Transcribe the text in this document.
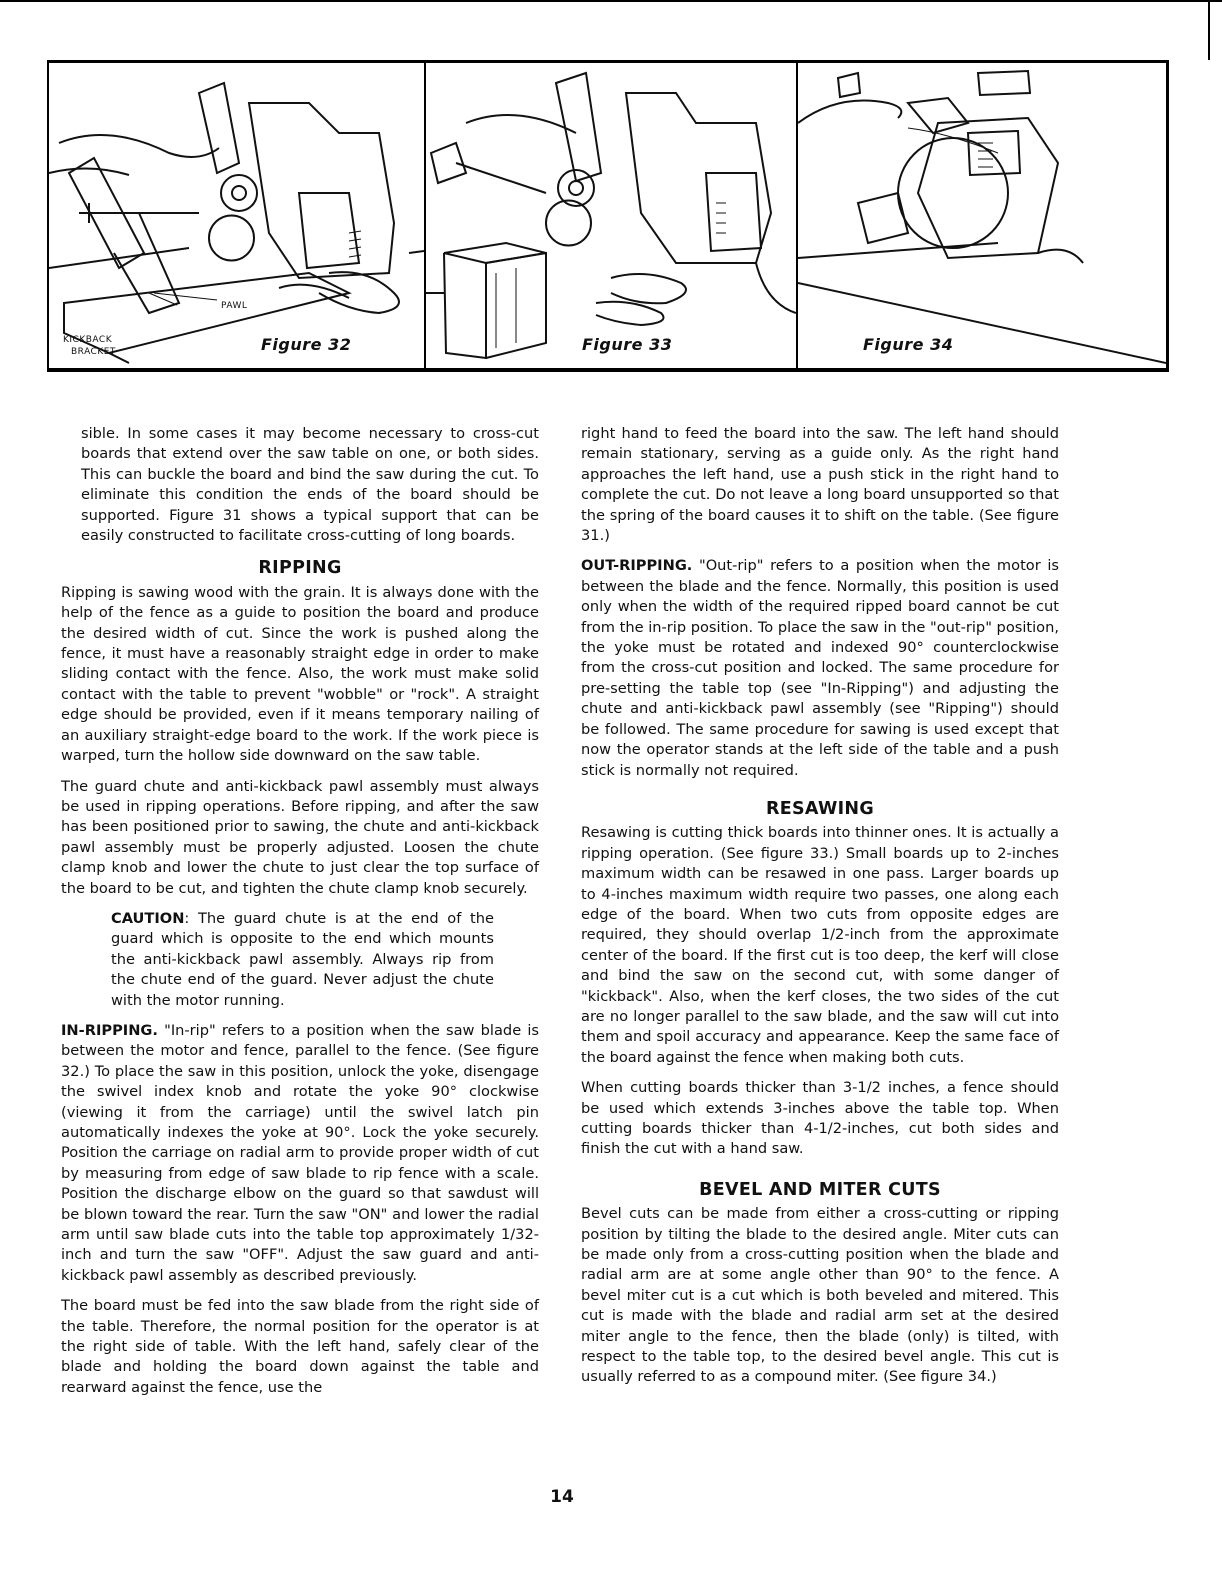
PAWL
KICKBACK
BRACKET	Figure 32	Figure 33	Figure 34

sible. In some cases it may become necessary to cross-cut boards that extend over the saw table on one, or both sides. This can buckle the board and bind the saw during the cut. To eliminate this condition the ends of the board should be supported. Figure 31 shows a typical support that can be easily constructed to facilitate cross-cutting of long boards.

RIPPING

Ripping is sawing wood with the grain. It is always done with the help of the fence as a guide to position the board and produce the desired width of cut. Since the work is pushed along the fence, it must have a reasonably straight edge in order to make sliding contact with the fence. Also, the work must make solid contact with the table to prevent "wobble" or "rock". A straight edge should be provided, even if it means temporary nailing of an auxiliary straight-edge board to the work. If the work piece is warped, turn the hollow side downward on the saw table.

The guard chute and anti-kickback pawl assembly must always be used in ripping operations. Before ripping, and after the saw has been positioned prior to sawing, the chute and anti-kickback pawl assembly must be properly adjusted. Loosen the chute clamp knob and lower the chute to just clear the top surface of the board to be cut, and tighten the chute clamp knob securely.

CAUTION: The guard chute is at the end of the guard which is opposite to the end which mounts the anti-kickback pawl assembly. Always rip from the chute end of the guard. Never adjust the chute with the motor running.

IN-RIPPING. "In-rip" refers to a position when the saw blade is between the motor and fence, parallel to the fence. (See figure 32.) To place the saw in this position, unlock the yoke, disengage the swivel index knob and rotate the yoke 90° clockwise (viewing it from the carriage) until the swivel latch pin automatically indexes the yoke at 90°. Lock the yoke securely. Position the carriage on radial arm to provide proper width of cut by measuring from edge of saw blade to rip fence with a scale. Position the discharge elbow on the guard so that sawdust will be blown toward the rear. Turn the saw "ON" and lower the radial arm until saw blade cuts into the table top approximately 1/32-inch and turn the saw "OFF". Adjust the saw guard and anti-kickback pawl assembly as described previously.

The board must be fed into the saw blade from the right side of the table. Therefore, the normal position for the operator is at the right side of table. With the left hand, safely clear of the blade and holding the board down against the table and rearward against the fence, use the

right hand to feed the board into the saw. The left hand should remain stationary, serving as a guide only. As the right hand approaches the left hand, use a push stick in the right hand to complete the cut. Do not leave a long board unsupported so that the spring of the board causes it to shift on the table. (See figure 31.)

OUT-RIPPING. "Out-rip" refers to a position when the motor is between the blade and the fence. Normally, this position is used only when the width of the required ripped board cannot be cut from the in-rip position. To place the saw in the "out-rip" position, the yoke must be rotated and indexed 90° counterclockwise from the cross-cut position and locked. The same procedure for pre-setting the table top (see "In-Ripping") and adjusting the chute and anti-kickback pawl assembly (see "Ripping") should be followed. The same procedure for sawing is used except that now the operator stands at the left side of the table and a push stick is normally not required.

RESAWING

Resawing is cutting thick boards into thinner ones. It is actually a ripping operation. (See figure 33.) Small boards up to 2-inches maximum width can be resawed in one pass. Larger boards up to 4-inches maximum width require two passes, one along each edge of the board. When two cuts from opposite edges are required, they should overlap 1/2-inch from the approximate center of the board. If the first cut is too deep, the kerf will close and bind the saw on the second cut, with some danger of "kickback". Also, when the kerf closes, the two sides of the cut are no longer parallel to the saw blade, and the saw will cut into them and spoil accuracy and appearance. Keep the same face of the board against the fence when making both cuts.

When cutting boards thicker than 3-1/2 inches, a fence should be used which extends 3-inches above the table top. When cutting boards thicker than 4-1/2-inches, cut both sides and finish the cut with a hand saw.

BEVEL AND MITER CUTS

Bevel cuts can be made from either a cross-cutting or ripping position by tilting the blade to the desired angle. Miter cuts can be made only from a cross-cutting position when the blade and radial arm are at some angle other than 90° to the fence. A bevel miter cut is a cut which is both beveled and mitered. This cut is made with the blade and radial arm set at the desired miter angle to the fence, then the blade (only) is tilted, with respect to the table top, to the desired bevel angle. This cut is usually referred to as a compound miter. (See figure 34.)

14
